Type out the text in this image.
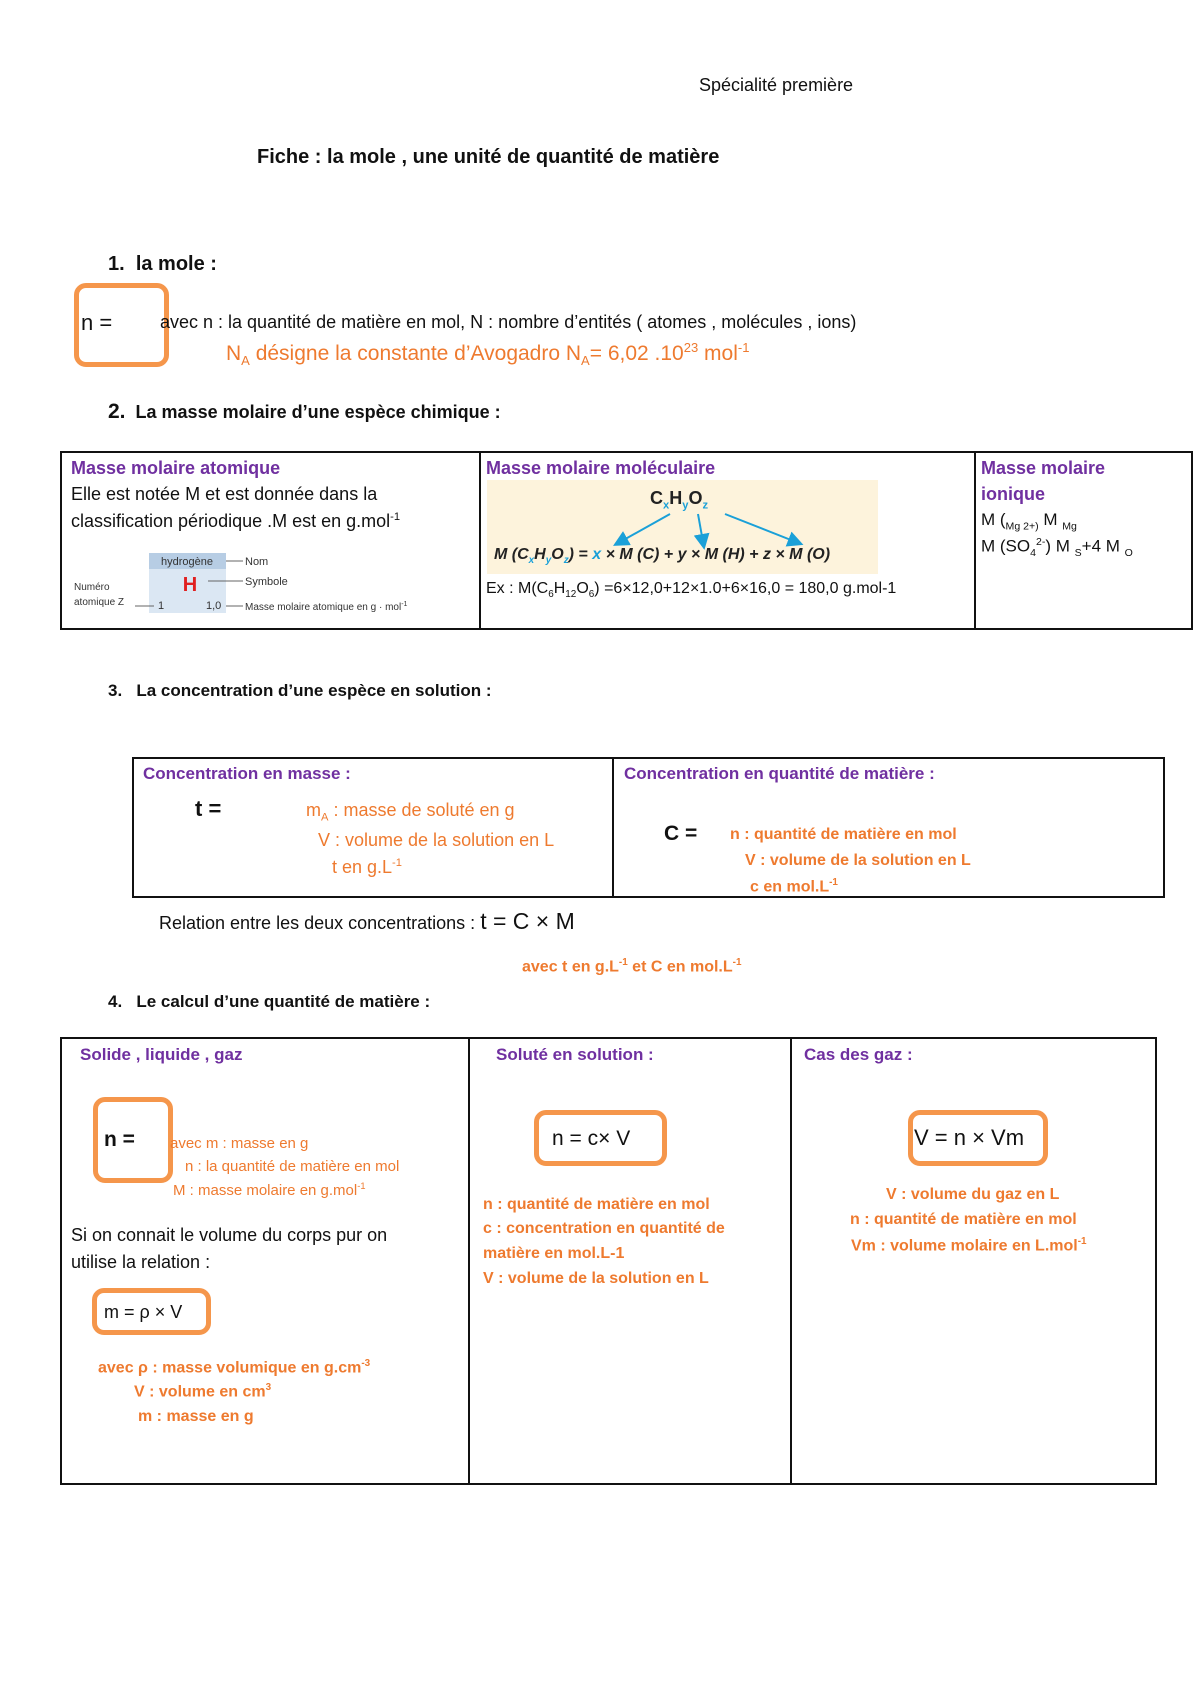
Spécialité première
Fiche : la mole , une unité de quantité de matière
1. la mole :
n =	avec n : la quantité de matière en mol, N : nombre d’entités ( atomes , molécules , ions)
$N_A$ désigne la constante d’Avogadro $N_A= 6,02$ $.10^{23}$ mol$^{-1}$
2. La masse molaire d’une espèce chimique :
Masse molaire atomique
Elle est notée M et est donnée dans la
classification périodique .M est en g.mol$^{-1}$
hydrogène
H
1	1,0
Nom
Symbole
Masse molaire atomique en g · mol$^{-1}$
Numéro
atomique Z
Masse molaire moléculaire
$C_xH_yO_z$
M $(C_xH_yO_z) = x \times M$ (C) + y × M (H) + z × M (O)
Ex : $M(C_6H_{12}O_6) =6\times 12,0+12\times 1.0+6\times 16,0 = 180,0$ g.mol-1
Masse molaire
ionique
M ($_{Mg 2+)}$ M $_{Mg}$
M $(SO_4^{2-})$ M $_S$+4 M $_O$
3. La concentration d’une espèce en solution :
Concentration en masse :
t =	$m_A$ : masse de soluté en g
V : volume de la solution en L
t en $g.L^{-1}$
Concentration en quantité de matière :
C = n : quantité de matière en mol
V : volume de la solution en L
c en $mol.L^{-1}$
Relation entre les deux concentrations : t = C × M
avec t en $g.L^{-1}$ et C en $mol.L^{-1}$
4. Le calcul d’une quantité de matière :
Solide , liquide , gaz
n = avec m : masse en g
n : la quantité de matière en mol
M : masse molaire en g.mol$^{-1}$
Si on connait le volume du corps pur on
utilise la relation :
m = ρ × V
avec ρ : masse volumique en $g.cm^{-3}$
V : volume en $cm^3$
m : masse en g
Soluté en solution :
n = c× V
n : quantité de matière en mol
c : concentration en quantité de
matière en mol.L-1
V : volume de la solution en L
Cas des gaz :
V = n × Vm
V : volume du gaz en L
n : quantité de matière en mol
Vm : volume molaire en L.mol$^{-1}$
